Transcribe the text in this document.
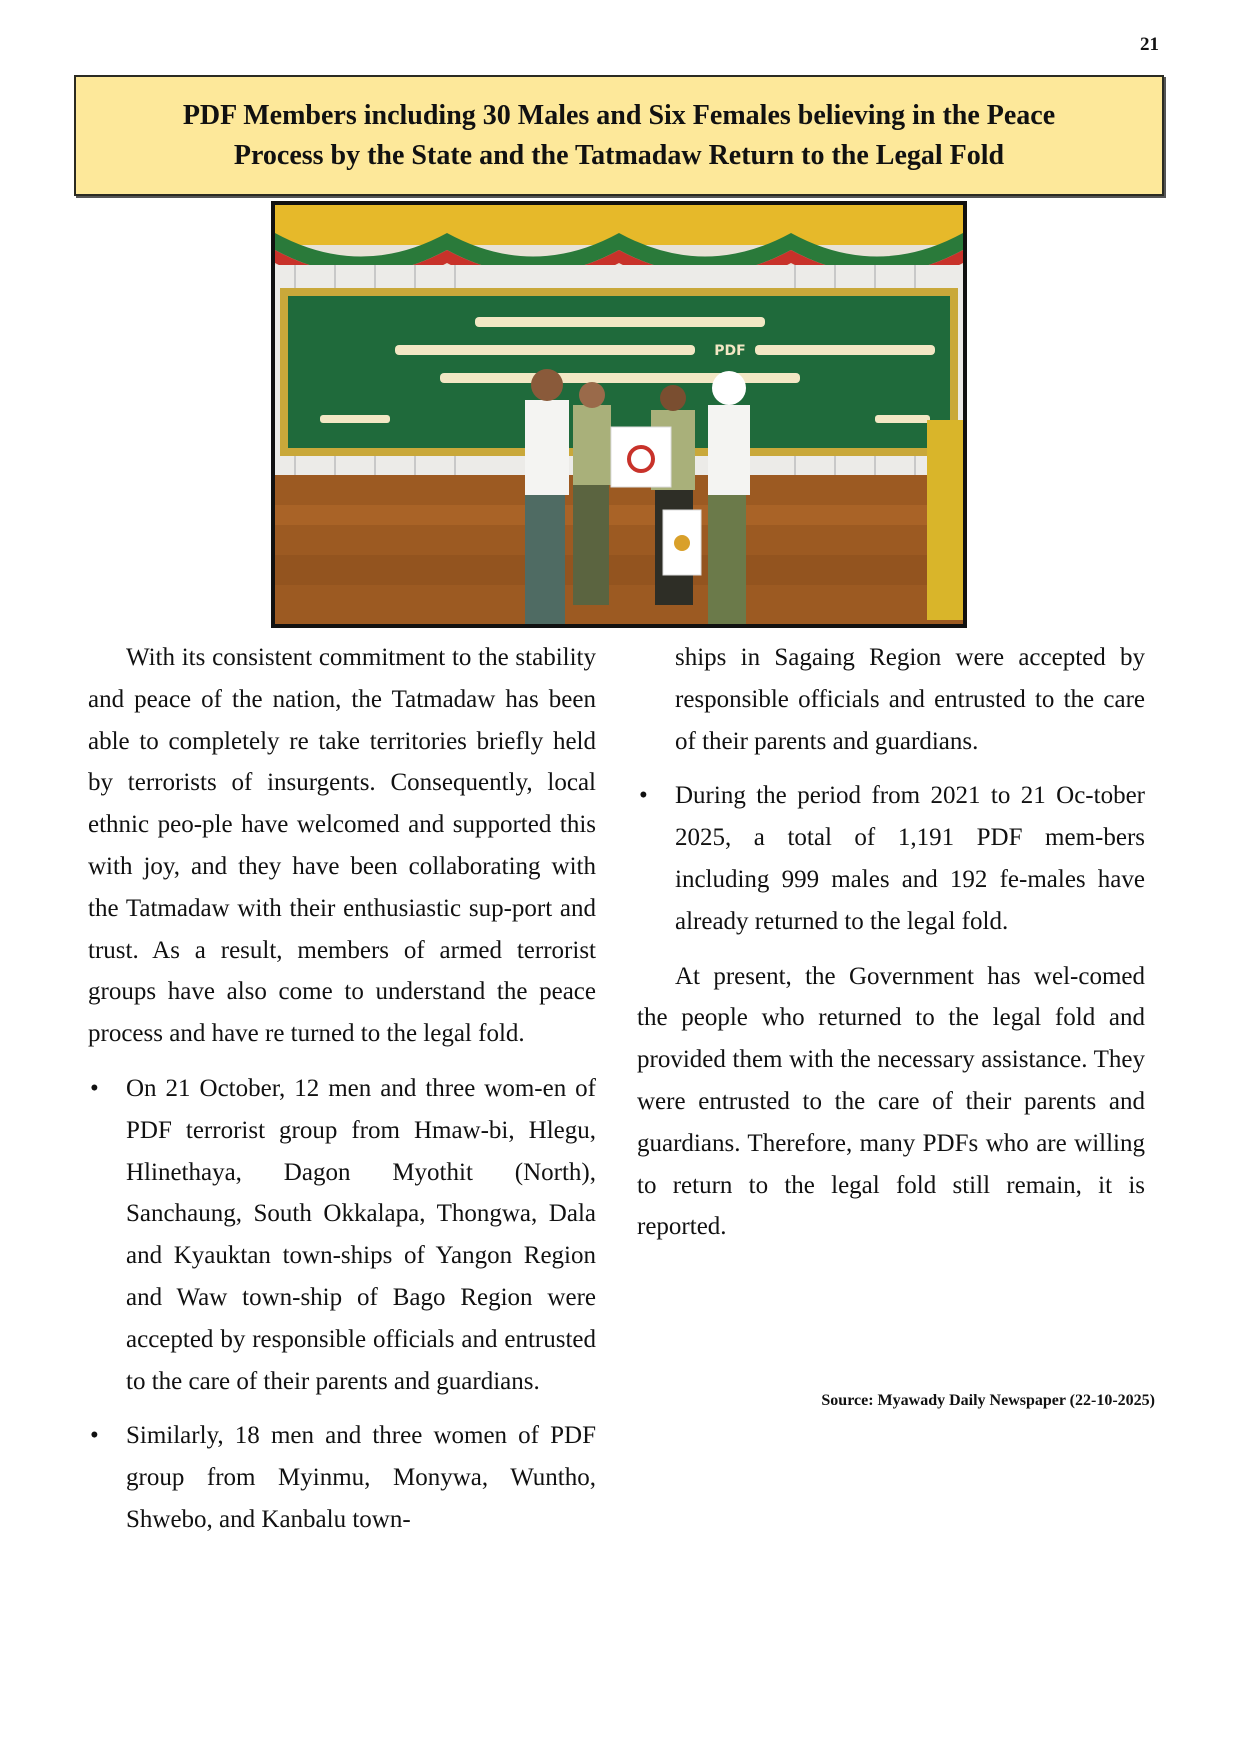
21
PDF Members including 30 Males and Six Females believing in the Peace
Process by the State and the Tatmadaw Return to the Legal Fold
PDF

With its consistent commitment to the stability and peace of the nation, the Tatmadaw has been able to completely re take territories briefly held by terrorists of insurgents. Consequently, local ethnic peo-ple have welcomed and supported this with joy, and they have been collaborating with the Tatmadaw with their enthusiastic sup-port and trust. As a result, members of armed terrorist groups have also come to understand the peace process and have re turned to the legal fold.

• On 21 October, 12 men and three wom-en of PDF terrorist group from Hmaw-bi, Hlegu, Hlinethaya, Dagon Myothit (North), Sanchaung, South Okkalapa, Thongwa, Dala and Kyauktan town-ships of Yangon Region and Waw town-ship of Bago Region were accepted by responsible officials and entrusted to the care of their parents and guardians.

• Similarly, 18 men and three women of PDF group from Myinmu, Monywa, Wuntho, Shwebo, and Kanbalu town-

ships in Sagaing Region were accepted by responsible officials and entrusted to the care of their parents and guardians.

• During the period from 2021 to 21 Oc-tober 2025, a total of 1,191 PDF mem-bers including 999 males and 192 fe-males have already returned to the legal fold.

At present, the Government has wel-comed the people who returned to the legal fold and provided them with the necessary assistance. They were entrusted to the care of their parents and guardians. Therefore, many PDFs who are willing to return to the legal fold still remain, it is reported.

Source: Myawady Daily Newspaper (22-10-2025)
